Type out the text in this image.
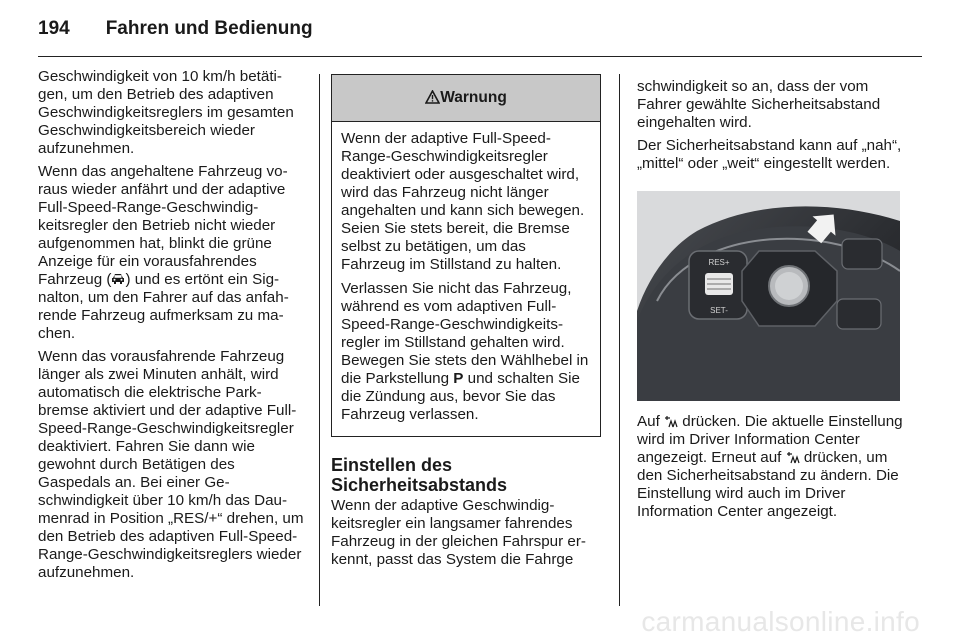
194 Fahren und Bedienung

Geschwindigkeit von 10 km/h betätigen, um den Betrieb des adaptiven Geschwindigkeitsreglers im gesamten Geschwindigkeitsbereich wieder aufzunehmen.

Wenn das angehaltene Fahrzeug voraus wieder anfährt und der adaptive Full-Speed-Range-Geschwindigkeitsregler den Betrieb nicht wieder aufgenommen hat, blinkt die grüne Anzeige für ein vorausfahrendes Fahrzeug ( ) und es ertönt ein Signalton, um den Fahrer auf das anfahrende Fahrzeug aufmerksam zu machen.

Wenn das vorausfahrende Fahrzeug länger als zwei Minuten anhält, wird automatisch die elektrische Parkbremse aktiviert und der adaptive Full-Speed-Range-Geschwindigkeitsregler deaktiviert. Fahren Sie dann wie gewohnt durch Betätigen des Gaspedals an. Bei einer Geschwindigkeit über 10 km/h das Daumenrad in Position „RES/+“ drehen, um den Betrieb des adaptiven Full-Speed-Range-Geschwindigkeitsreglers wieder aufzunehmen.

Warnung

Wenn der adaptive Full-Speed-Range-Geschwindigkeitsregler deaktiviert oder ausgeschaltet wird, wird das Fahrzeug nicht länger angehalten und kann sich bewegen. Seien Sie stets bereit, die Bremse selbst zu betätigen, um das Fahrzeug im Stillstand zu halten.

Verlassen Sie nicht das Fahrzeug, während es vom adaptiven Full-Speed-Range-Geschwindigkeitsregler im Stillstand gehalten wird. Bewegen Sie stets den Wählhebel in die Parkstellung P und schalten Sie die Zündung aus, bevor Sie das Fahrzeug verlassen.

Einstellen des Sicherheitsabstands

Wenn der adaptive Geschwindigkeitsregler ein langsamer fahrendes Fahrzeug in der gleichen Fahrspur erkennt, passt das System die Fahrge

schwindigkeit so an, dass der vom Fahrer gewählte Sicherheitsabstand eingehalten wird.

Der Sicherheitsabstand kann auf „nah“, „mittel“ oder „weit“ eingestellt werden.

RES+
SET-

Auf  drücken. Die aktuelle Einstellung wird im Driver Information Center angezeigt. Erneut auf  drücken, um den Sicherheitsabstand zu ändern. Die Einstellung wird auch im Driver Information Center angezeigt.

carmanualsonline.info
